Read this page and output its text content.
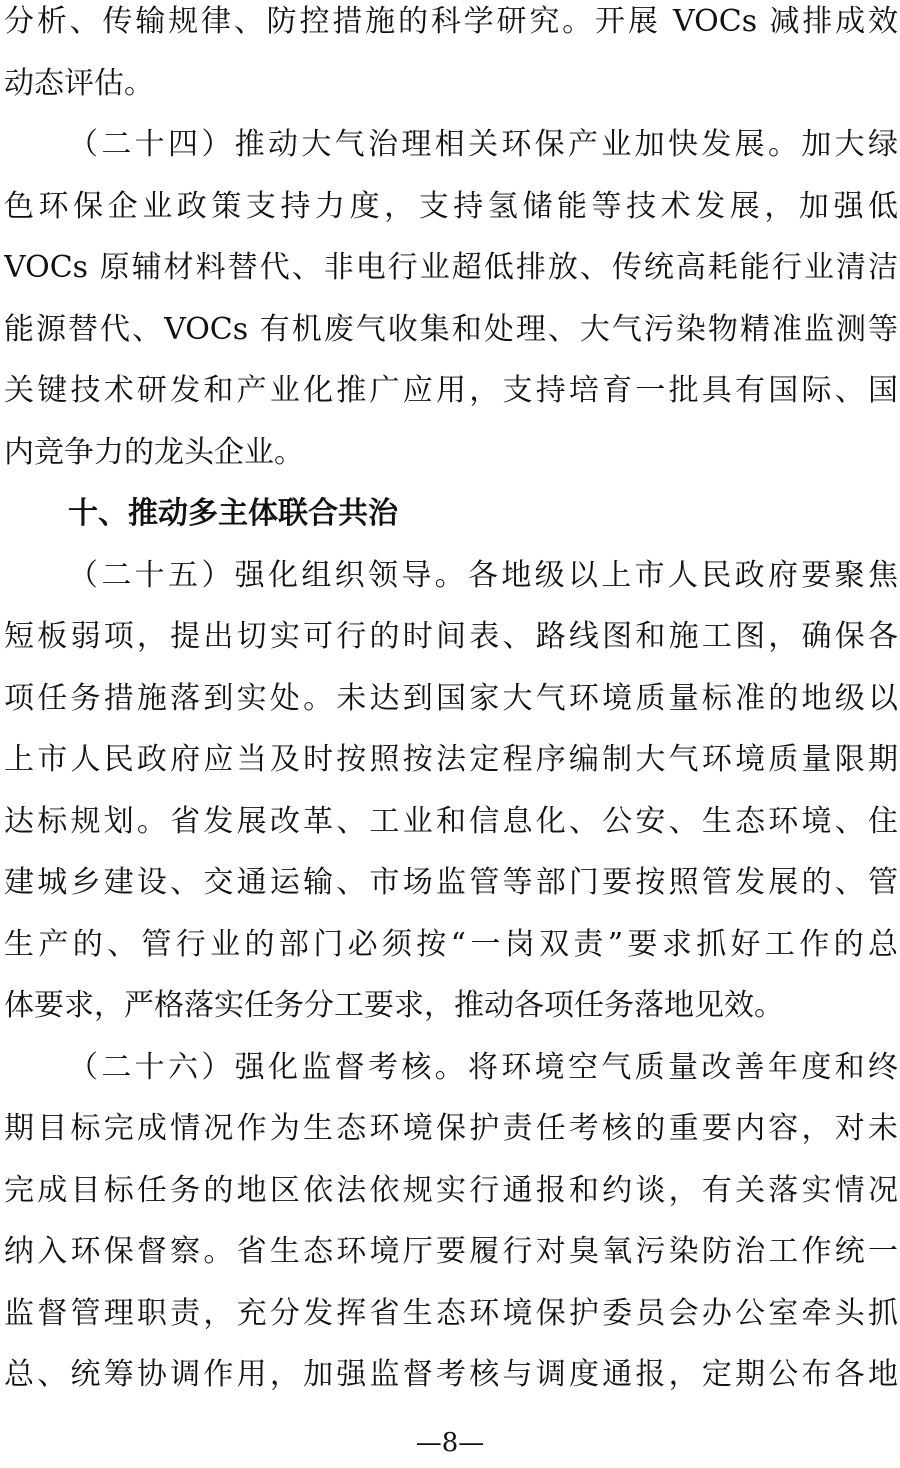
分析、传输规律、防控措施的科学研究。开展 VOCs 减排成效
动态评估。
（二十四）推动大气治理相关环保产业加快发展。加大绿
色环保企业政策支持力度，支持氢储能等技术发展，加强低
VOCs 原辅材料替代、非电行业超低排放、传统高耗能行业清洁
能源替代、VOCs 有机废气收集和处理、大气污染物精准监测等
关键技术研发和产业化推广应用，支持培育一批具有国际、国
内竞争力的龙头企业。
十、推动多主体联合共治
（二十五）强化组织领导。各地级以上市人民政府要聚焦
短板弱项，提出切实可行的时间表、路线图和施工图，确保各
项任务措施落到实处。未达到国家大气环境质量标准的地级以
上市人民政府应当及时按照按法定程序编制大气环境质量限期
达标规划。省发展改革、工业和信息化、公安、生态环境、住
建城乡建设、交通运输、市场监管等部门要按照管发展的、管
生产的、管行业的部门必须按“一岗双责”要求抓好工作的总
体要求，严格落实任务分工要求，推动各项任务落地见效。
（二十六）强化监督考核。将环境空气质量改善年度和终
期目标完成情况作为生态环境保护责任考核的重要内容，对未
完成目标任务的地区依法依规实行通报和约谈，有关落实情况
纳入环保督察。省生态环境厅要履行对臭氧污染防治工作统一
监督管理职责，充分发挥省生态环境保护委员会办公室牵头抓
总、统筹协调作用，加强监督考核与调度通报，定期公布各地
—8—
